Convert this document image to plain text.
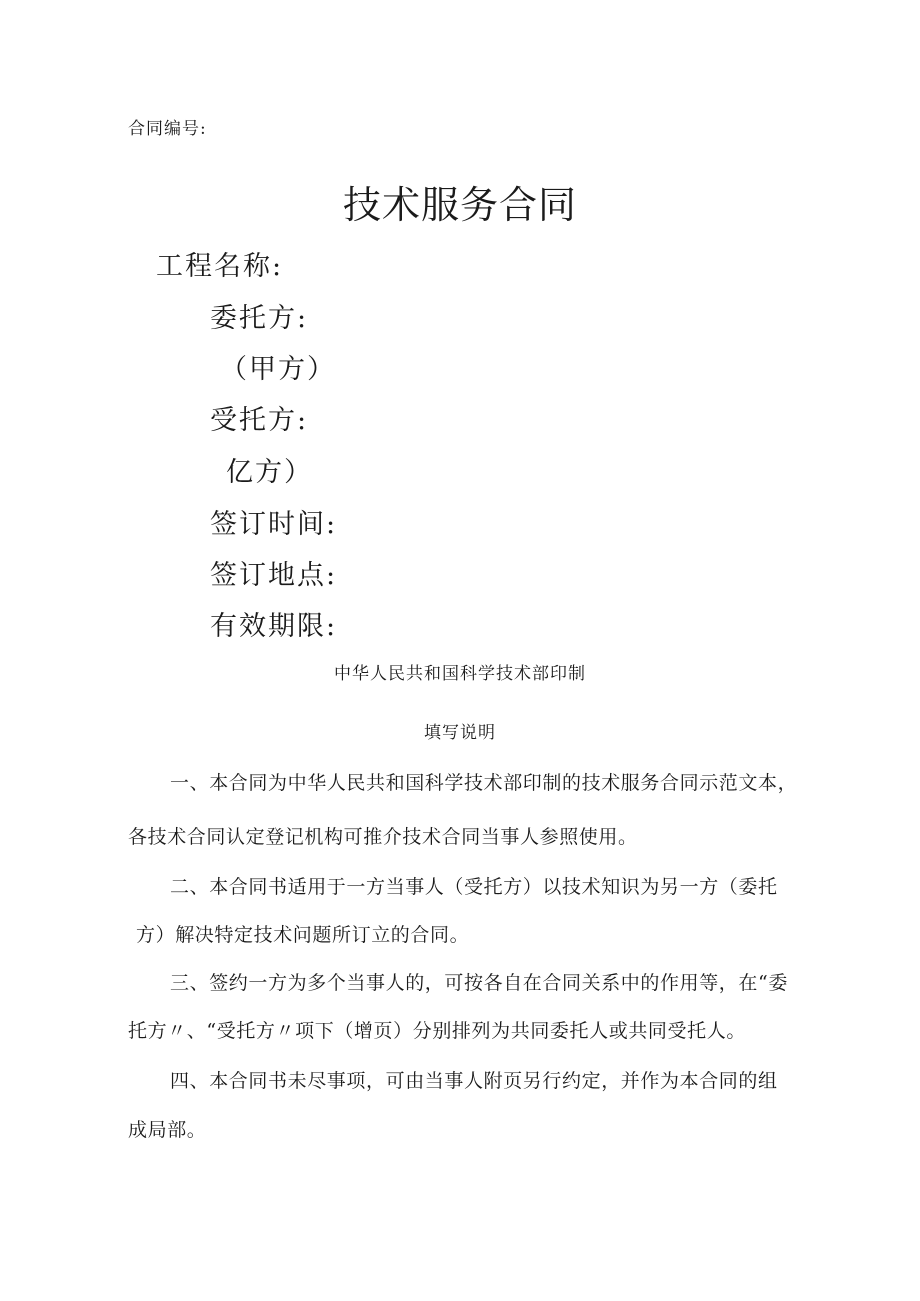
合同编号:
技术服务合同
工程名称:
委托方:
（甲方）
受托方:
亿方）
签订时间:
签订地点:
有效期限:
中华人民共和国科学技术部印制
填写说明
一、本合同为中华人民共和国科学技术部印制的技术服务合同示范文本，
各技术合同认定登记机构可推介技术合同当事人参照使用。
二、本合同书适用于一方当事人（受托方）以技术知识为另一方（委托
方）解决特定技术问题所订立的合同。
三、签约一方为多个当事人的，可按各自在合同关系中的作用等，在“委
托方〃、“受托方〃项下（增页）分别排列为共同委托人或共同受托人。
四、本合同书未尽事项，可由当事人附页另行约定，并作为本合同的组
成局部。
